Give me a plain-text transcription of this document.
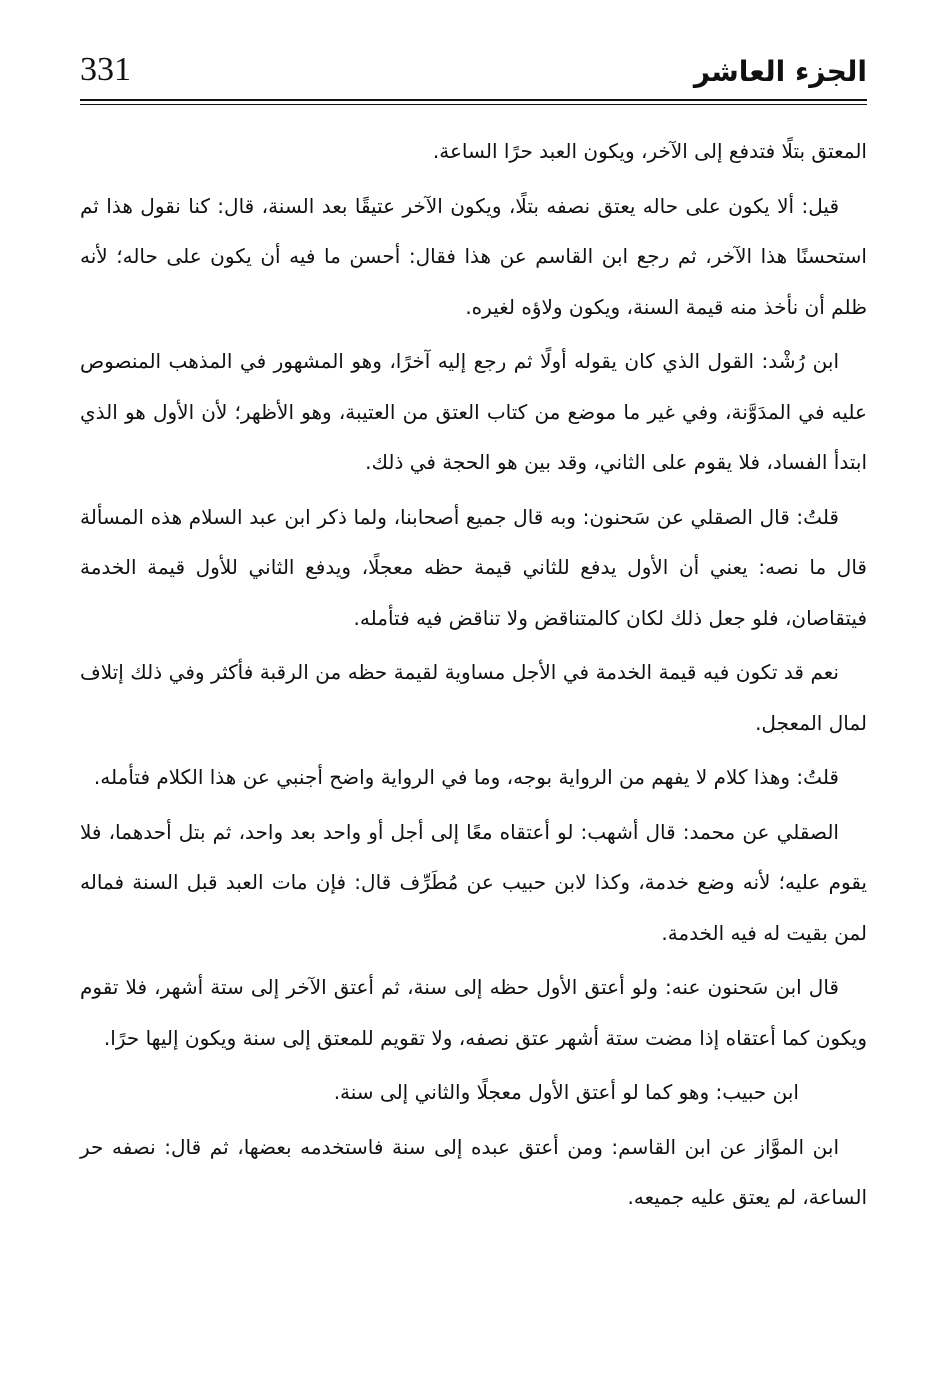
331	الجزء العاشر

المعتق بتلًا فتدفع إلى الآخر، ويكون العبد حرًا الساعة.

قيل: ألا يكون على حاله يعتق نصفه بتلًا، ويكون الآخر عتيقًا بعد السنة، قال: كنا نقول هذا ثم استحسنًا هذا الآخر، ثم رجع ابن القاسم عن هذا فقال: أحسن ما فيه أن يكون على حاله؛ لأنه ظلم أن نأخذ منه قيمة السنة، ويكون ولاؤه لغيره.

ابن رُشْد: القول الذي كان يقوله أولًا ثم رجع إليه آخرًا، وهو المشهور في المذهب المنصوص عليه في المدَوَّنة، وفي غير ما موضع من كتاب العتق من العتيبة، وهو الأظهر؛ لأن الأول هو الذي ابتدأ الفساد، فلا يقوم على الثاني، وقد بين هو الحجة في ذلك.

قلتُ: قال الصقلي عن سَحنون: وبه قال جميع أصحابنا، ولما ذكر ابن عبد السلام هذه المسألة قال ما نصه: يعني أن الأول يدفع للثاني قيمة حظه معجلًا، ويدفع الثاني للأول قيمة الخدمة فيتقاصان، فلو جعل ذلك لكان كالمتناقض ولا تناقض فيه فتأمله.

نعم قد تكون فيه قيمة الخدمة في الأجل مساوية لقيمة حظه من الرقبة فأكثر وفي ذلك إتلاف لمال المعجل.

قلتُ: وهذا كلام لا يفهم من الرواية بوجه، وما في الرواية واضح أجنبي عن هذا الكلام فتأمله.

الصقلي عن محمد: قال أشهب: لو أعتقاه معًا إلى أجل أو واحد بعد واحد، ثم بتل أحدهما، فلا يقوم عليه؛ لأنه وضع خدمة، وكذا لابن حبيب عن مُطَرِّف قال: فإن مات العبد قبل السنة فماله لمن بقيت له فيه الخدمة.

قال ابن سَحنون عنه: ولو أعتق الأول حظه إلى سنة، ثم أعتق الآخر إلى ستة أشهر، فلا تقوم ويكون كما أعتقاه إذا مضت ستة أشهر عتق نصفه، ولا تقويم للمعتق إلى سنة ويكون إليها حرًا.

ابن حبيب: وهو كما لو أعتق الأول معجلًا والثاني إلى سنة.

ابن الموَّاز عن ابن القاسم: ومن أعتق عبده إلى سنة فاستخدمه بعضها، ثم قال: نصفه حر الساعة، لم يعتق عليه جميعه.
